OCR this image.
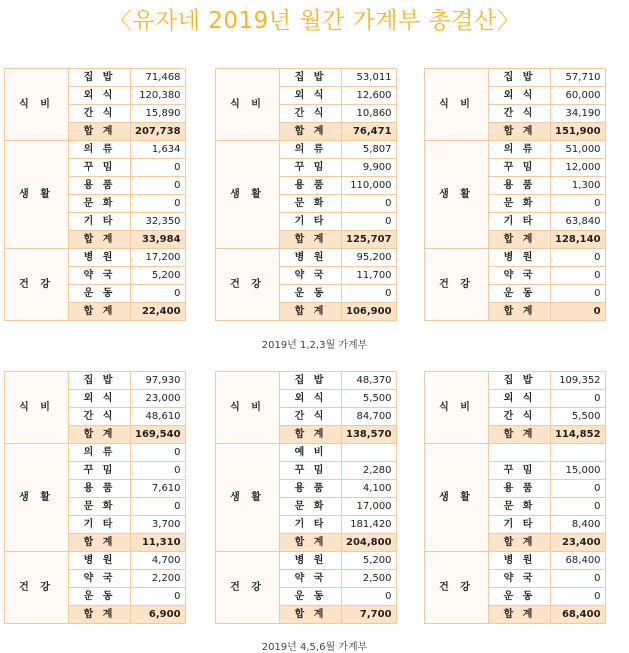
〈유자네 2019년 월간 가계부 총결산〉
식 비	집 밥	71,468
	외 식	120,380
	간 식	15,890
	합 계	207,738
생 활	의 류	1,634
	꾸 밈	0
	용 품	0
	문 화	0
	기 타	32,350
	합 계	33,984
건 강	병 원	17,200
	약 국	5,200
	운 동	0
	합 계	22,400
식 비	집 밥	53,011
	외 식	12,600
	간 식	10,860
	합 계	76,471
생 활	의 류	5,807
	꾸 밈	9,900
	용 품	110,000
	문 화	0
	기 타	0
	합 계	125,707
건 강	병 원	95,200
	약 국	11,700
	운 동	0
	합 계	106,900
식 비	집 밥	57,710
	외 식	60,000
	간 식	34,190
	합 계	151,900
생 활	의 류	51,000
	꾸 밈	12,000
	용 품	1,300
	문 화	0
	기 타	63,840
	합 계	128,140
건 강	병 원	0
	약 국	0
	운 동	0
	합 계	0
식 비	집 밥	97,930
	외 식	23,000
	간 식	48,610
	합 계	169,540
생 활	의 류	0
	꾸 밈	0
	용 품	7,610
	문 화	0
	기 타	3,700
	합 계	11,310
건 강	병 원	4,700
	약 국	2,200
	운 동	0
	합 계	6,900
식 비	집 밥	48,370
	외 식	5,500
	간 식	84,700
	합 계	138,570
생 활	예 비	
	꾸 밈	2,280
	용 품	4,100
	문 화	17,000
	기 타	181,420
	합 계	204,800
건 강	병 원	5,200
	약 국	2,500
	운 동	0
	합 계	7,700
식 비	집 밥	109,352
	외 식	0
	간 식	5,500
	합 계	114,852
생 활		
	꾸 밈	15,000
	용 품	0
	문 화	0
	기 타	8,400
	합 계	23,400
건 강	병 원	68,400
	약 국	0
	운 동	0
	합 계	68,400
2019년 1,2,3월 가계부
2019년 4,5,6월 가계부
